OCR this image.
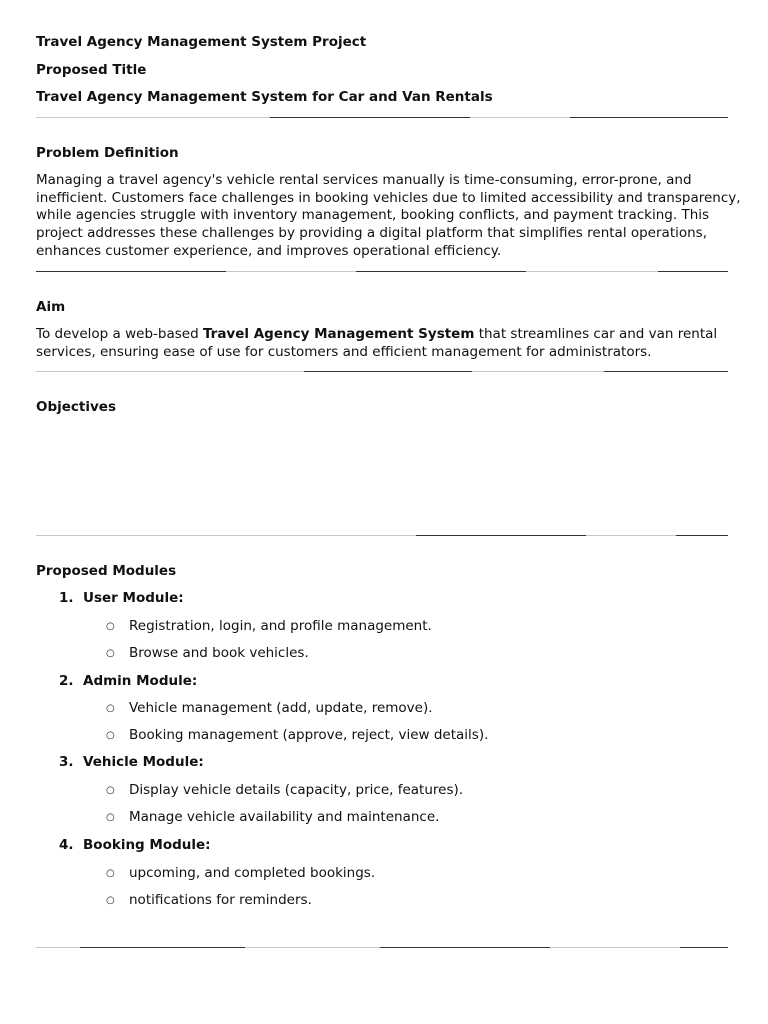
Travel Agency Management System Project
Proposed Title
Travel Agency Management System for Car and Van Rentals
Problem Definition
Managing a travel agency's vehicle rental services manually is time-consuming, error-prone, and
inefficient. Customers face challenges in booking vehicles due to limited accessibility and transparency,
while agencies struggle with inventory management, booking conflicts, and payment tracking. This
project addresses these challenges by providing a digital platform that simplifies rental operations,
enhances customer experience, and improves operational efficiency.
Aim
To develop a web-based Travel Agency Management System that streamlines car and van rental
services, ensuring ease of use for customers and efficient management for administrators.
Objectives
Proposed Modules
1. User Module:
○ Registration, login, and profile management.
○ Browse and book vehicles.
2. Admin Module:
○ Vehicle management (add, update, remove).
○ Booking management (approve, reject, view details).
3. Vehicle Module:
○ Display vehicle details (capacity, price, features).
○ Manage vehicle availability and maintenance.
4. Booking Module:
○ upcoming, and completed bookings.
○ notifications for reminders.
